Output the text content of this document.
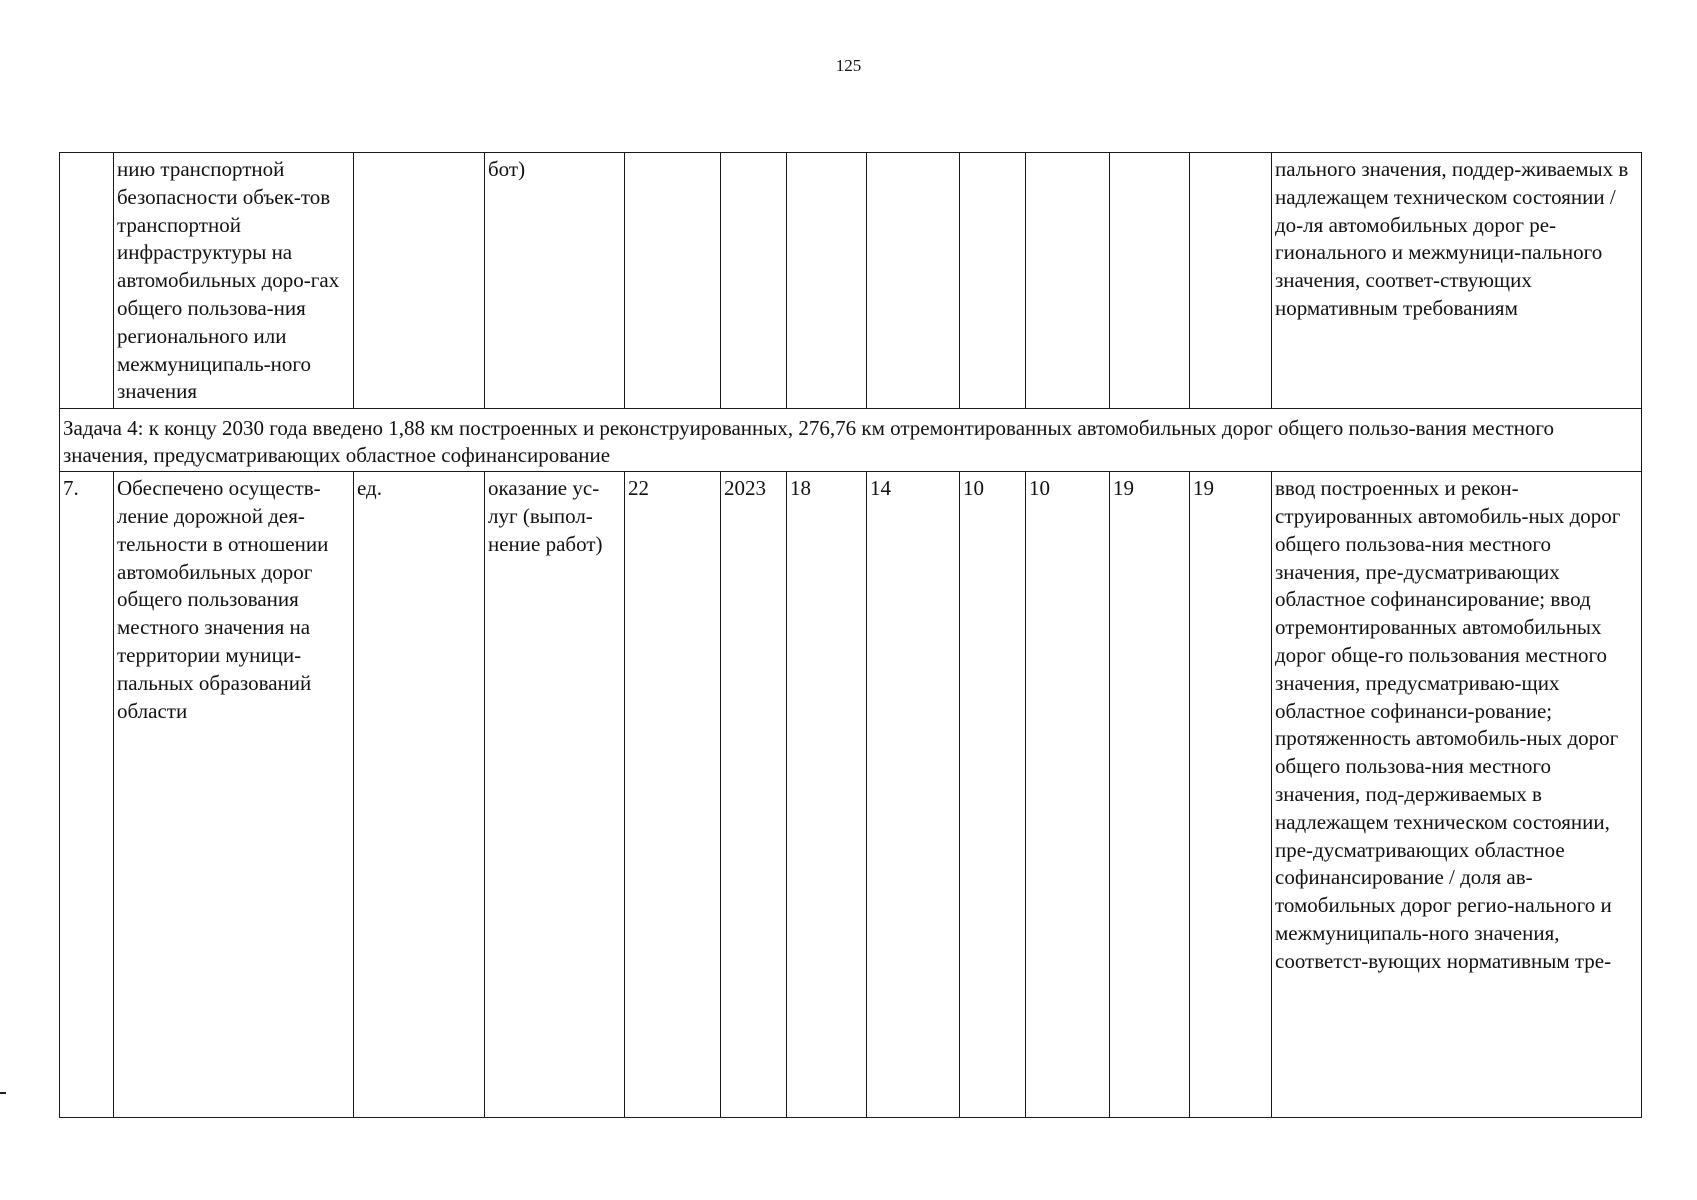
125
	нию транспортной безопасности объек-тов транспортной инфраструктуры на автомобильных доро-гах общего пользова-ния регионального или межмуниципаль-ного значения		бот)									пального значения, поддер-живаемых в надлежащем техническом состоянии / до-ля автомобильных дорог ре-гионального и межмуници-пального значения, соответ-ствующих нормативным требованиям
Задача 4: к концу 2030 года введено 1,88 км построенных и реконструированных, 276,76 км отремонтированных автомобильных дорог общего пользо-вания местного значения, предусматривающих областное софинансирование												
7.	Обеспечено осуществ-ление дорожной дея-тельности в отношении автомобильных дорог общего пользования местного значения на территории муници-пальных образований области	ед.	оказание ус-луг (выпол-нение работ)	22	2023	18	14	10	10	19	19	ввод построенных и рекон-струированных автомобиль-ных дорог общего пользова-ния местного значения, пре-дусматривающих областное софинансирование; ввод отремонтированных автомобильных дорог обще-го пользования местного значения, предусматриваю-щих областное софинанси-рование; протяженность автомобиль-ных дорог общего пользова-ния местного значения, под-держиваемых в надлежащем техническом состоянии, пре-дусматривающих областное софинансирование / доля ав-томобильных дорог регио-нального и межмуниципаль-ного значения, соответст-вующих нормативным тре-
